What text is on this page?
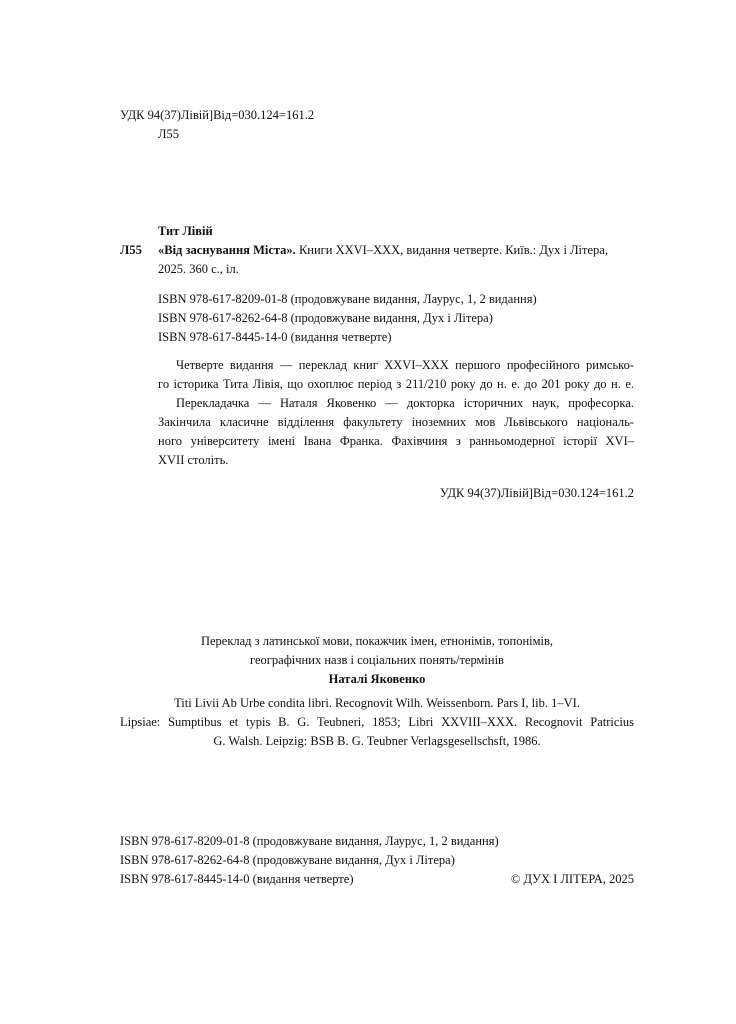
УДК 94(37)Лівій]Від=030.124=161.2
Л55
Тит Лівій
Л55 «Від заснування Міста». Книги XXVI–XXX, видання четверте. Київ.: Дух і Літера,
2025. 360 с., іл.
ISBN 978-617-8209-01-8 (продовжуване видання, Лаурус, 1, 2 видання)
ISBN 978-617-8262-64-8 (продовжуване видання, Дух і Літера)
ISBN 978-617-8445-14-0 (видання четверте)
Четверте видання — переклад книг XXVI–XXX першого професійного римсько-
го історика Тита Лівія, що охоплює період з 211/210 року до н. е. до 201 року до н. е.
Перекладачка — Наталя Яковенко — докторка історичних наук, професорка.
Закінчила класичне відділення факультету іноземних мов Львівського національ-
ного університету імені Івана Франка. Фахівчиня з ранньомодерної історії XVI–
XVII століть.
УДК 94(37)Лівій]Від=030.124=161.2
Переклад з латинської мови, покажчик імен, етнонімів, топонімів,
географічних назв і соціальних понять/термінів
Наталі Яковенко
Titi Livii Ab Urbe condita libri. Recognovit Wilh. Weissenborn. Pars I, lib. 1–VI.
Lipsiae: Sumptibus et typis B. G. Teubneri, 1853; Libri XXVIII–XXX. Recognovit Patricius
G. Walsh. Leipzig: BSB B. G. Teubner Verlagsgesellschsft, 1986.
ISBN 978-617-8209-01-8 (продовжуване видання, Лаурус, 1, 2 видання)
ISBN 978-617-8262-64-8 (продовжуване видання, Дух і Літера)
ISBN 978-617-8445-14-0 (видання четверте)	© ДУХ І ЛІТЕРА, 2025
